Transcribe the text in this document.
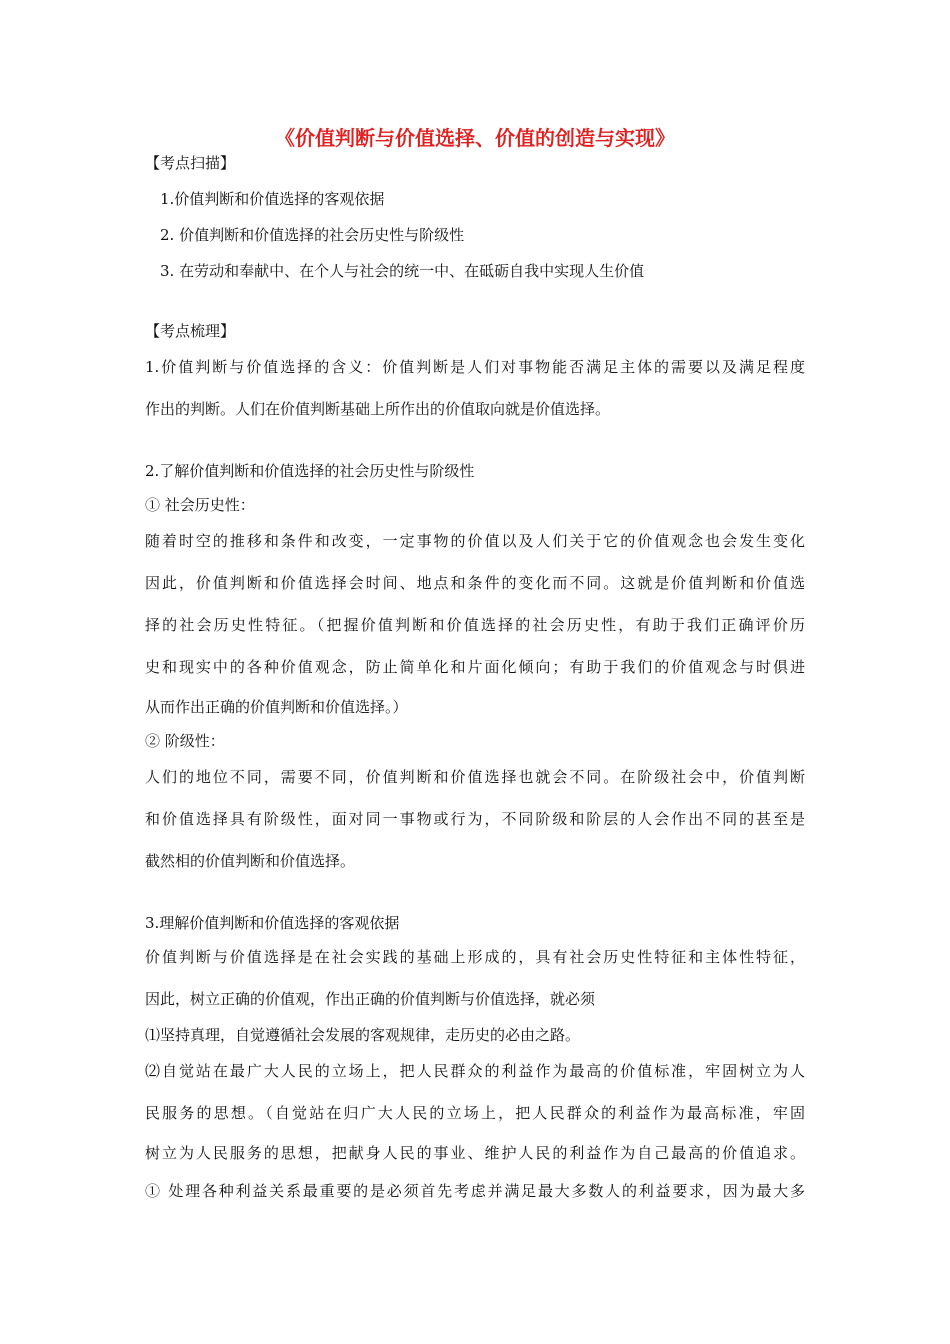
《价值判断与价值选择、价值的创造与实现》
【考点扫描】
1.价值判断和价值选择的客观依据
2. 价值判断和价值选择的社会历史性与阶级性
3. 在劳动和奉献中、在个人与社会的统一中、在砥砺自我中实现人生价值
【考点梳理】
1.价值判断与价值选择的含义：价值判断是人们对事物能否满足主体的需要以及满足程度
作出的判断。人们在价值判断基础上所作出的价值取向就是价值选择。
2.了解价值判断和价值选择的社会历史性与阶级性
① 社会历史性：
随着时空的推移和条件和改变，一定事物的价值以及人们关于它的价值观念也会发生变化
因此，价值判断和价值选择会时间、地点和条件的变化而不同。这就是价值判断和价值选
择的社会历史性特征。（把握价值判断和价值选择的社会历史性，有助于我们正确评价历
史和现实中的各种价值观念，防止简单化和片面化倾向；有助于我们的价值观念与时俱进
从而作出正确的价值判断和价值选择。）
② 阶级性：
人们的地位不同，需要不同，价值判断和价值选择也就会不同。在阶级社会中，价值判断
和价值选择具有阶级性，面对同一事物或行为，不同阶级和阶层的人会作出不同的甚至是
截然相的价值判断和价值选择。
3.理解价值判断和价值选择的客观依据
价值判断与价值选择是在社会实践的基础上形成的，具有社会历史性特征和主体性特征，
因此，树立正确的价值观，作出正确的价值判断与价值选择，就必须
⑴坚持真理，自觉遵循社会发展的客观规律，走历史的必由之路。
⑵自觉站在最广大人民的立场上，把人民群众的利益作为最高的价值标准，牢固树立为人
民服务的思想。（自觉站在归广大人民的立场上，把人民群众的利益作为最高标准，牢固
树立为人民服务的思想，把献身人民的事业、维护人民的利益作为自己最高的价值追求。
① 处理各种利益关系最重要的是必须首先考虑并满足最大多数人的利益要求，因为最大多
